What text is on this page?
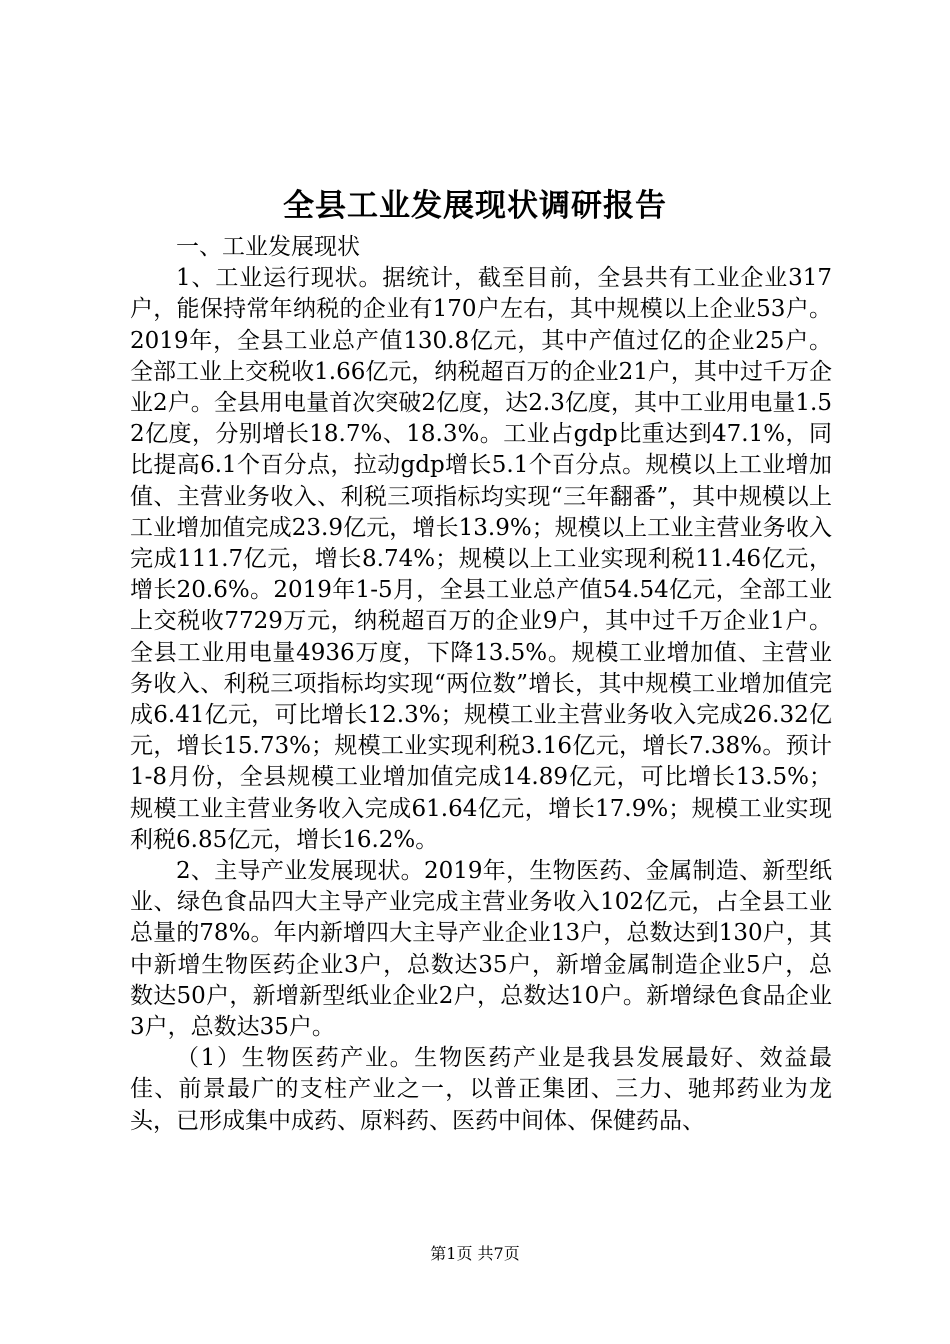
全县工业发展现状调研报告

一、工业发展现状

1、工业运行现状。据统计，截至目前，全县共有工业企业317户，能保持常年纳税的企业有170户左右，其中规模以上企业53户。2019年，全县工业总产值130.8亿元，其中产值过亿的企业25户。全部工业上交税收1.66亿元，纳税超百万的企业21户，其中过千万企业2户。全县用电量首次突破2亿度，达2.3亿度，其中工业用电量1.52亿度，分别增长18.7%、18.3%。工业占gdp比重达到47.1%，同比提高6.1个百分点，拉动gdp增长5.1个百分点。规模以上工业增加值、主营业务收入、利税三项指标均实现“三年翻番”，其中规模以上工业增加值完成23.9亿元，增长13.9%；规模以上工业主营业务收入完成111.7亿元，增长8.74%；规模以上工业实现利税11.46亿元，增长20.6%。2019年1-5月，全县工业总产值54.54亿元，全部工业上交税收7729万元，纳税超百万的企业9户，其中过千万企业1户。全县工业用电量4936万度，下降13.5%。规模工业增加值、主营业务收入、利税三项指标均实现“两位数”增长，其中规模工业增加值完成6.41亿元，可比增长12.3%；规模工业主营业务收入完成26.32亿元，增长15.73%；规模工业实现利税3.16亿元，增长7.38%。预计1-8月份，全县规模工业增加值完成14.89亿元，可比增长13.5%；规模工业主营业务收入完成61.64亿元，增长17.9%；规模工业实现利税6.85亿元，增长16.2%。

2、主导产业发展现状。2019年，生物医药、金属制造、新型纸业、绿色食品四大主导产业完成主营业务收入102亿元，占全县工业总量的78%。年内新增四大主导产业企业13户，总数达到130户，其中新增生物医药企业3户，总数达35户，新增金属制造企业5户，总数达50户，新增新型纸业企业2户，总数达10户。新增绿色食品企业3户，总数达35户。

（1）生物医药产业。生物医药产业是我县发展最好、效益最佳、前景最广的支柱产业之一，以普正集团、三力、驰邦药业为龙头，已形成集中成药、原料药、医药中间体、保健药品、

第1页 共7页
